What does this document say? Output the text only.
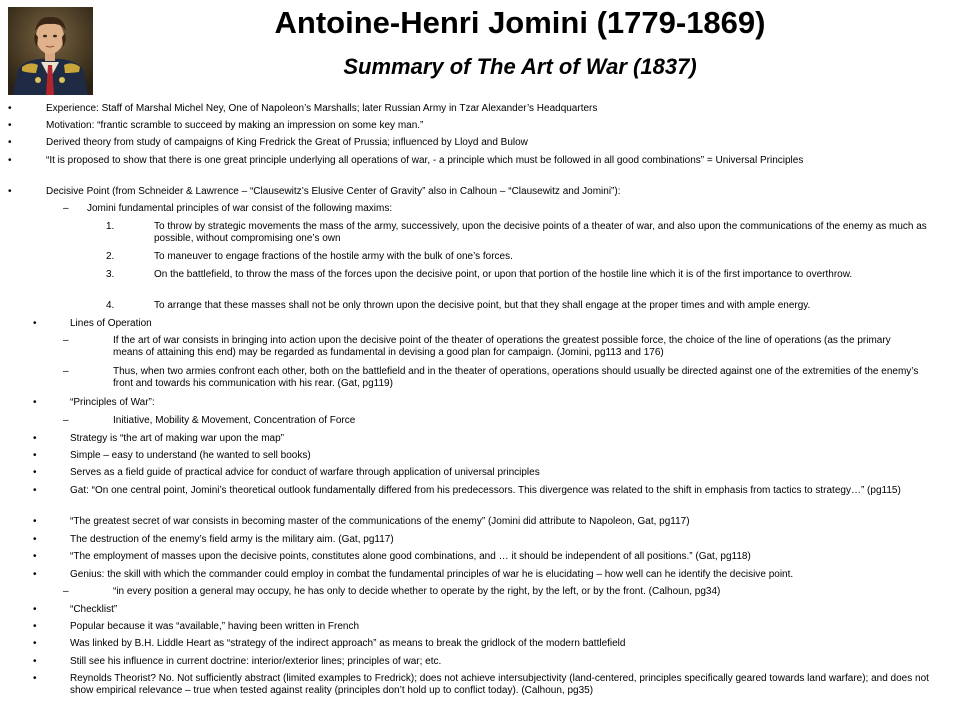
Antoine-Henri Jomini (1779-1869)
Summary of The Art of War (1837)
•	Experience: Staff of Marshal Michel Ney, One of Napoleon’s Marshalls; later Russian Army in Tzar Alexander’s Headquarters
•	Motivation: “frantic scramble to succeed by making an impression on some key man.”
•	Derived theory from study of campaigns of King Fredrick the Great of Prussia; influenced by Lloyd and Bulow
•	“It is proposed to show that there is one great principle underlying all operations of war, - a principle which must be followed in all good combinations” = Universal Principles
•	Decisive Point (from Schneider & Lawrence – “Clausewitz’s Elusive Center of Gravity” also in Calhoun – “Clausewitz and Jomini”):
– Jomini fundamental principles of war consist of the following maxims:
1.	To throw by strategic movements the mass of the army, successively, upon the decisive points of a theater of war, and also upon the communications of the enemy as much as possible, without compromising one’s own
2.	To maneuver to engage fractions of the hostile army with the bulk of one’s forces.
3.	On the battlefield, to throw the mass of the forces upon the decisive point, or upon that portion of the hostile line which it is of the first importance to overthrow.
4.	To arrange that these masses shall not be only thrown upon the decisive point, but that they shall engage at the proper times and with ample energy.
•	Lines of Operation
–	If the art of war consists in bringing into action upon the decisive point of the theater of operations the greatest possible force, the choice of the line of operations (as the primary means of attaining this end) may be regarded as fundamental in devising a good plan for campaign. (Jomini, pg113 and 176)
–	Thus, when two armies confront each other, both on the battlefield and in the theater of operations, operations should usually be directed against one of the extremities of the enemy’s front and towards his communication with his rear. (Gat, pg119)
•	“Principles of War”:
–	Initiative, Mobility & Movement, Concentration of Force
•	Strategy is “the art of making war upon the map”
•	Simple – easy to understand (he wanted to sell books)
•	Serves as a field guide of practical advice for conduct of warfare through application of universal principles
•	Gat: “On one central point, Jomini’s theoretical outlook fundamentally differed from his predecessors. This divergence was related to the shift in emphasis from tactics to strategy…” (pg115)
•	“The greatest secret of war consists in becoming master of the communications of the enemy” (Jomini did attribute to Napoleon, Gat, pg117)
•	The destruction of the enemy’s field army is the military aim. (Gat, pg117)
•	“The employment of masses upon the decisive points, constitutes alone good combinations, and … it should be independent of all positions.” (Gat, pg118)
•	Genius: the skill with which the commander could employ in combat the fundamental principles of war he is elucidating – how well can he identify the decisive point.
–	“in every position a general may occupy, he has only to decide whether to operate by the right, by the left, or by the front. (Calhoun, pg34)
•	“Checklist”
•	Popular because it was “available,” having been written in French
•	Was linked by B.H. Liddle Heart as “strategy of the indirect approach” as means to break the gridlock of the modern battlefield
•	Still see his influence in current doctrine: interior/exterior lines; principles of war; etc.
•	Reynolds Theorist? No. Not sufficiently abstract (limited examples to Fredrick); does not achieve intersubjectivity (land-centered, principles specifically geared towards land warfare); and does not show empirical relevance – true when tested against reality (principles don’t hold up to conflict today). (Calhoun, pg35)
